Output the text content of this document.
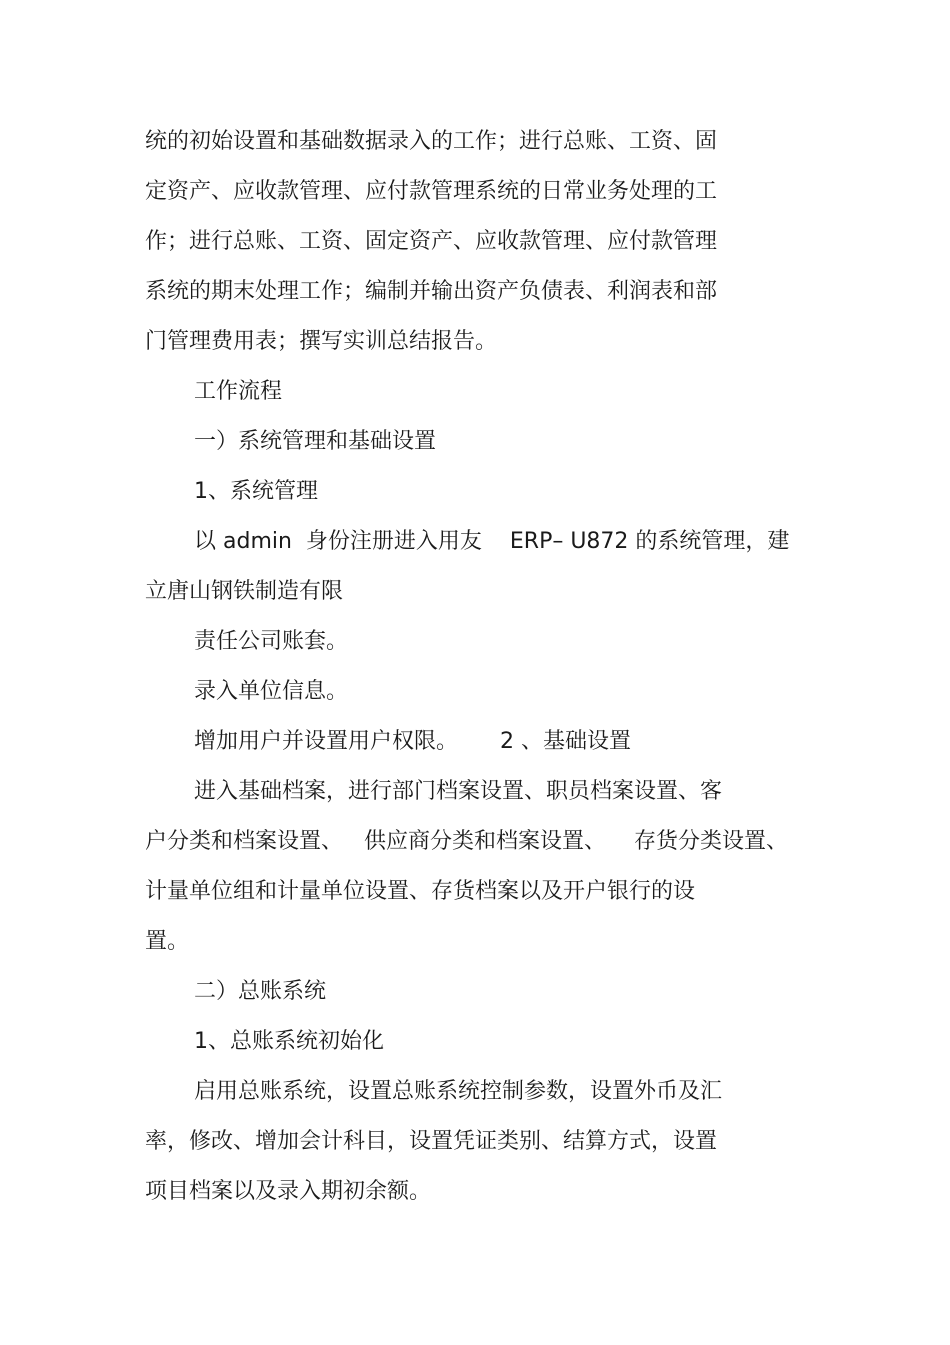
统的初始设置和基础数据录入的工作；进行总账、工资、固
定资产、应收款管理、应付款管理系统的日常业务处理的工
作；进行总账、工资、固定资产、应收款管理、应付款管理
系统的期末处理工作；编制并输出资产负债表、利润表和部
门管理费用表；撰写实训总结报告。
工作流程
一）系统管理和基础设置
1、系统管理
以 admin  身份注册进入用友    ERP– U872 的系统管理，建
立唐山钢铁制造有限
责任公司账套。
录入单位信息。
增加用户并设置用户权限。      2 、基础设置
进入基础档案，进行部门档案设置、职员档案设置、客
户分类和档案设置、   供应商分类和档案设置、    存货分类设置、
计量单位组和计量单位设置、存货档案以及开户银行的设
置。
二）总账系统
1、总账系统初始化
启用总账系统，设置总账系统控制参数，设置外币及汇
率，修改、增加会计科目，设置凭证类别、结算方式，设置
项目档案以及录入期初余额。
